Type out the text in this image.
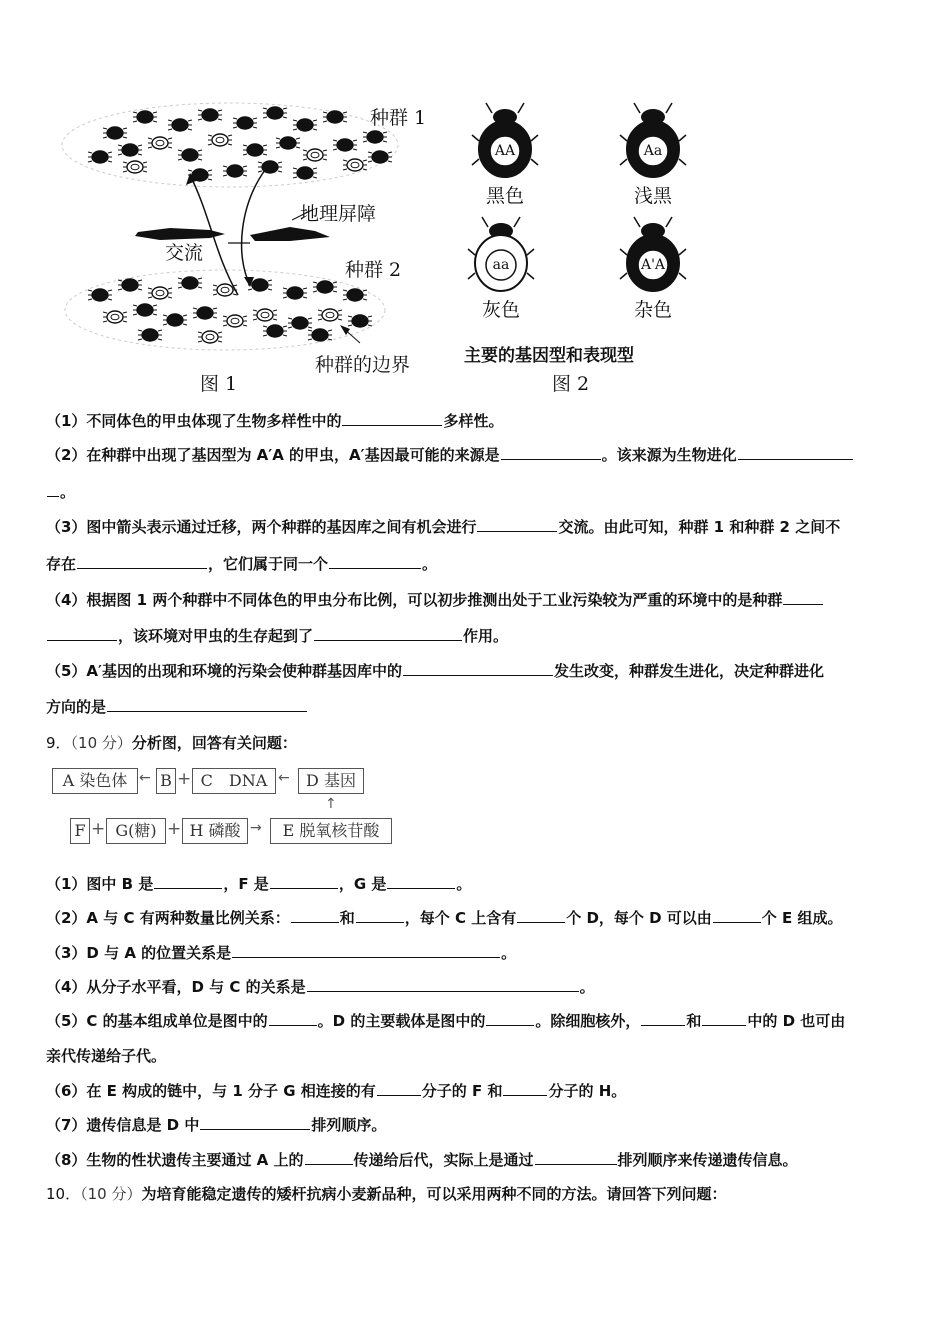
种群 1
地理屏障
交流
种群 2
种群的边界
图 1
AA
黑色
Aa
浅黑
aa
灰色
A'A
杂色
主要的基因型和表现型
图 2
（1）不同体色的甲虫体现了生物多样性中的	多样性。
（2）在种群中出现了基因型为 A′A 的甲虫，A′基因最可能的来源是	。该来源为生物进化
。
（3）图中箭头表示通过迁移，两个种群的基因库之间有机会进行	交流。由此可知，种群 1 和种群 2 之间不
存在	，它们属于同一个	。
（4）根据图 1 两个种群中不同体色的甲虫分布比例，可以初步推测出处于工业污染较为严重的环境中的是种群
，该环境对甲虫的生存起到了	作用。
（5）A′基因的出现和环境的污染会使种群基因库中的	发生改变，种群发生进化，决定种群进化
方向的是
9．（10 分）分析图，回答有关问题：
A 染色体 ← B + C　DNA ←	D 基因
↑
F + G(糖) + H 磷酸 →	E 脱氧核苷酸
（1）图中 B 是	，F 是	，G 是	。
（2）A 与 C 有两种数量比例关系：	和	，每个 C 上含有	个 D，每个 D 可以由	个 E 组成。
（3）D 与 A 的位置关系是	。
（4）从分子水平看，D 与 C 的关系是	。
（5）C 的基本组成单位是图中的	。D 的主要载体是图中的	。除细胞核外，	和	中的 D 也可由
亲代传递给子代。
（6）在 E 构成的链中，与 1 分子 G 相连接的有	分子的 F 和	分子的 H。
（7）遗传信息是 D 中	排列顺序。
（8）生物的性状遗传主要通过 A 上的	传递给后代，实际上是通过	排列顺序来传递遗传信息。
10．（10 分）为培育能稳定遗传的矮杆抗病小麦新品种，可以采用两种不同的方法。请回答下列问题：
